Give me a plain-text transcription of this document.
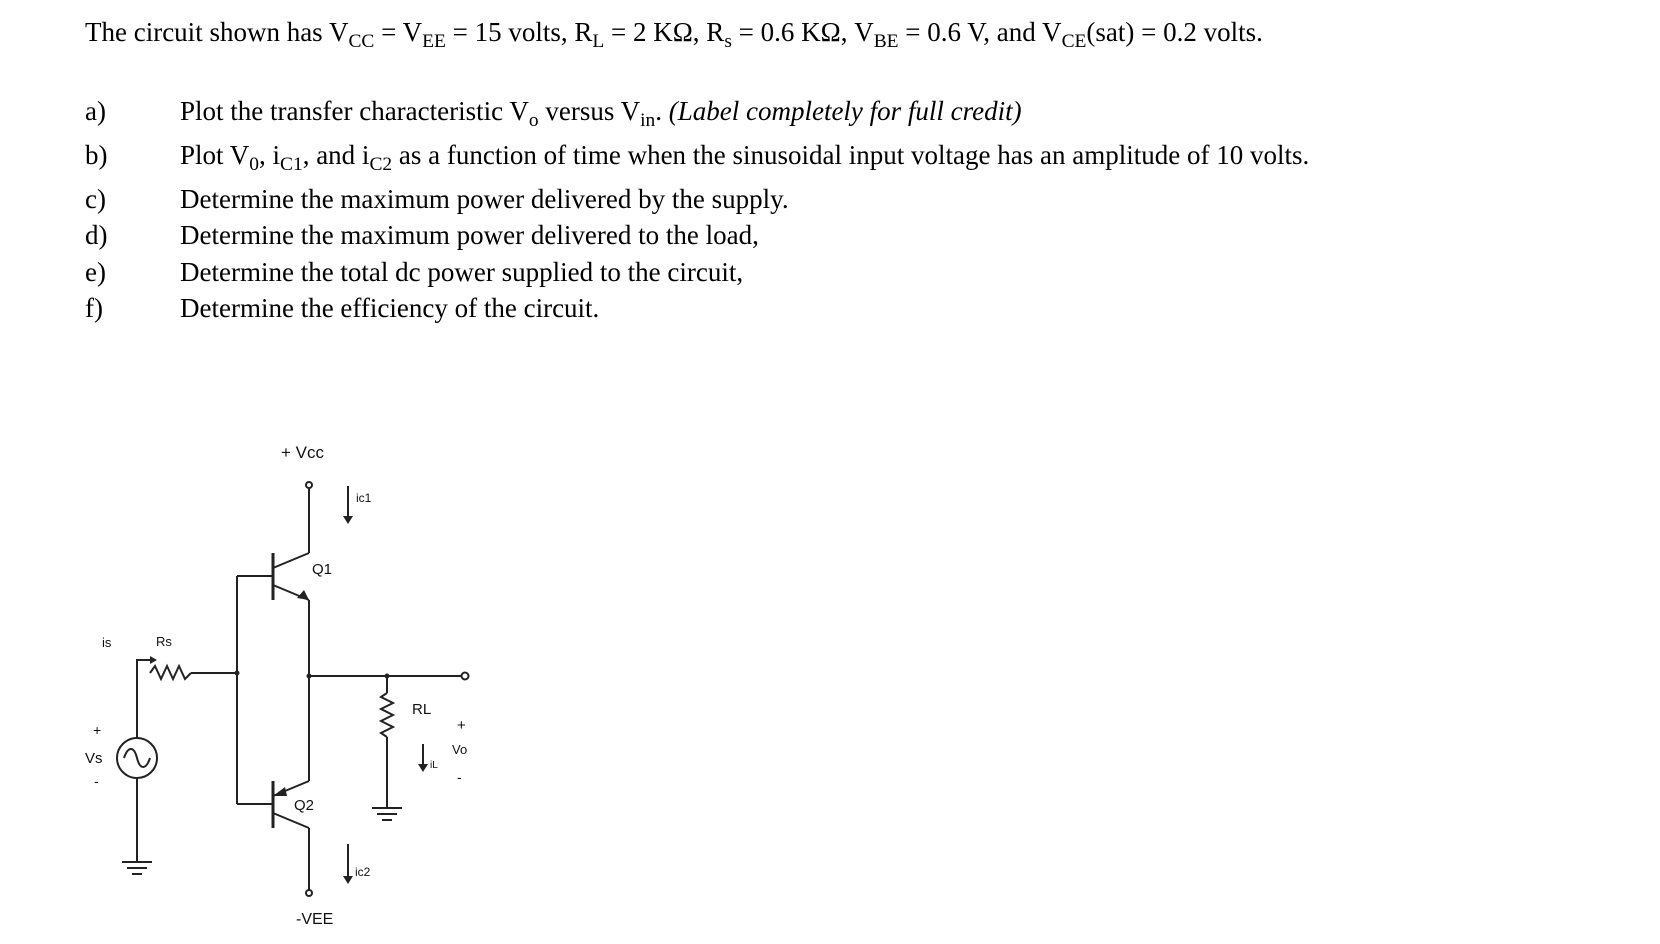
The circuit shown has $V_{CC} = V_{EE} = 15$ volts, $R_L = 2$ KΩ, $R_s = 0.6$ KΩ, $V_{BE} = 0.6$ V, and $V_{CE}(sat) = 0.2$ volts.
a)	Plot the transfer characteristic $V_o$ versus $V_{in}$. (Label completely for full credit)
b)	Plot $V_0$, $i_{C1}$, and $i_{C2}$ as a function of time when the sinusoidal input voltage has an amplitude of 10 volts.
c)	Determine the maximum power delivered by the supply.
d)	Determine the maximum power delivered to the load,
e)	Determine the total dc power supplied to the circuit,
f)	Determine the efficiency of the circuit.
+ Vcc
ic1
Q1
is	Rs
RL
+
Vo
-
iL
+
Vs
-
Q2
ic2
-VEE
